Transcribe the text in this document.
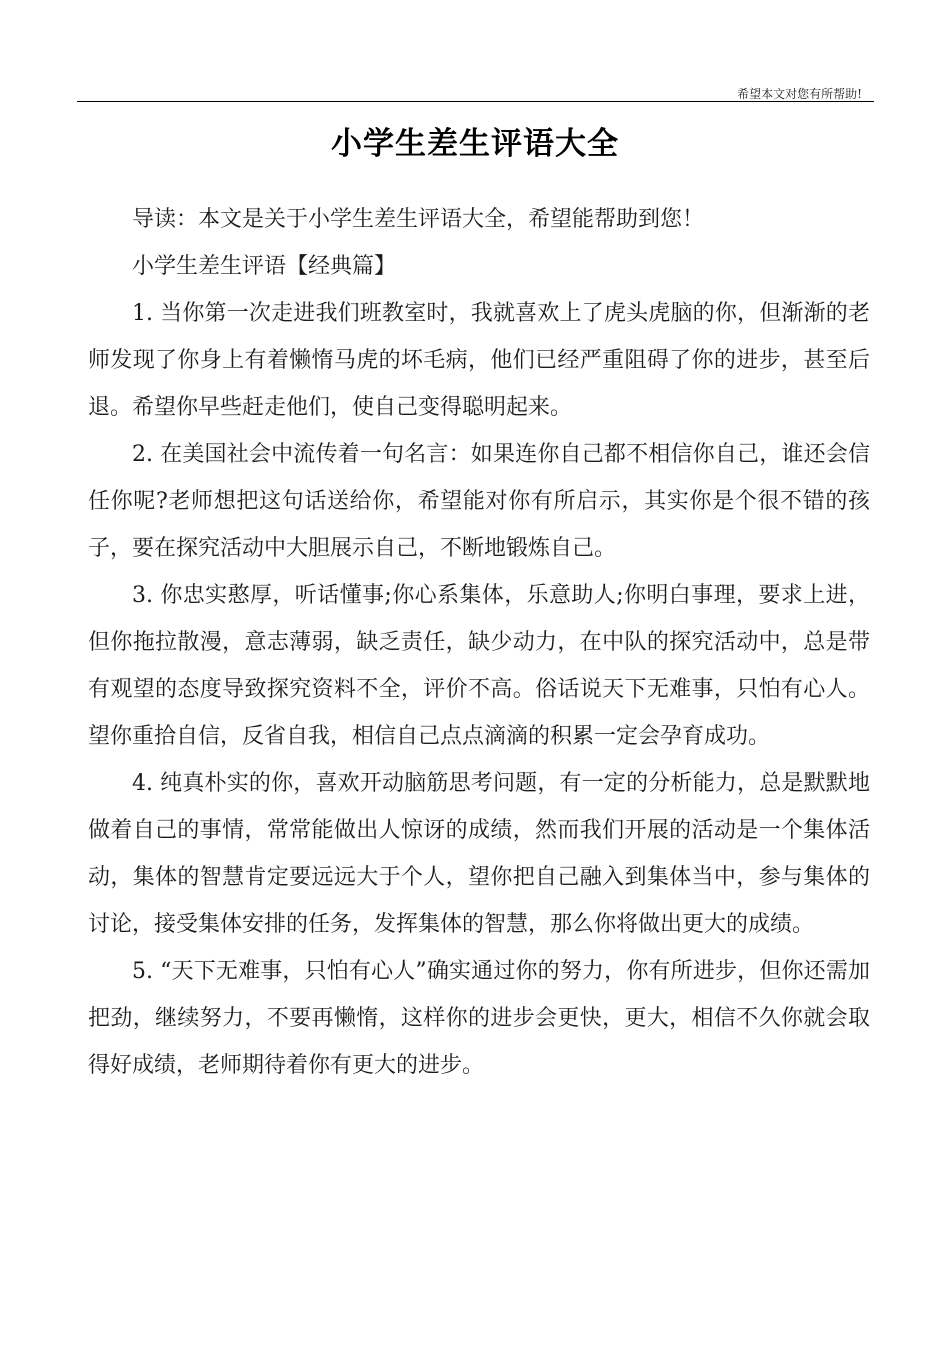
希望本文对您有所帮助!
小学生差生评语大全

导读：本文是关于小学生差生评语大全，希望能帮助到您！

小学生差生评语【经典篇】

1. 当你第一次走进我们班教室时，我就喜欢上了虎头虎脑的你，但渐渐的老师发现了你身上有着懒惰马虎的坏毛病，他们已经严重阻碍了你的进步，甚至后退。希望你早些赶走他们，使自己变得聪明起来。

2. 在美国社会中流传着一句名言：如果连你自己都不相信你自己，谁还会信任你呢?老师想把这句话送给你，希望能对你有所启示，其实你是个很不错的孩子，要在探究活动中大胆展示自己，不断地锻炼自己。

3. 你忠实憨厚，听话懂事;你心系集体，乐意助人;你明白事理，要求上进，但你拖拉散漫，意志薄弱，缺乏责任，缺少动力，在中队的探究活动中，总是带有观望的态度导致探究资料不全，评价不高。俗话说天下无难事，只怕有心人。望你重拾自信，反省自我，相信自己点点滴滴的积累一定会孕育成功。

4. 纯真朴实的你，喜欢开动脑筋思考问题，有一定的分析能力，总是默默地做着自己的事情，常常能做出人惊讶的成绩，然而我们开展的活动是一个集体活动，集体的智慧肯定要远远大于个人，望你把自己融入到集体当中，参与集体的讨论，接受集体安排的任务，发挥集体的智慧，那么你将做出更大的成绩。

5. “天下无难事，只怕有心人”确实通过你的努力，你有所进步，但你还需加把劲，继续努力，不要再懒惰，这样你的进步会更快，更大，相信不久你就会取得好成绩，老师期待着你有更大的进步。
